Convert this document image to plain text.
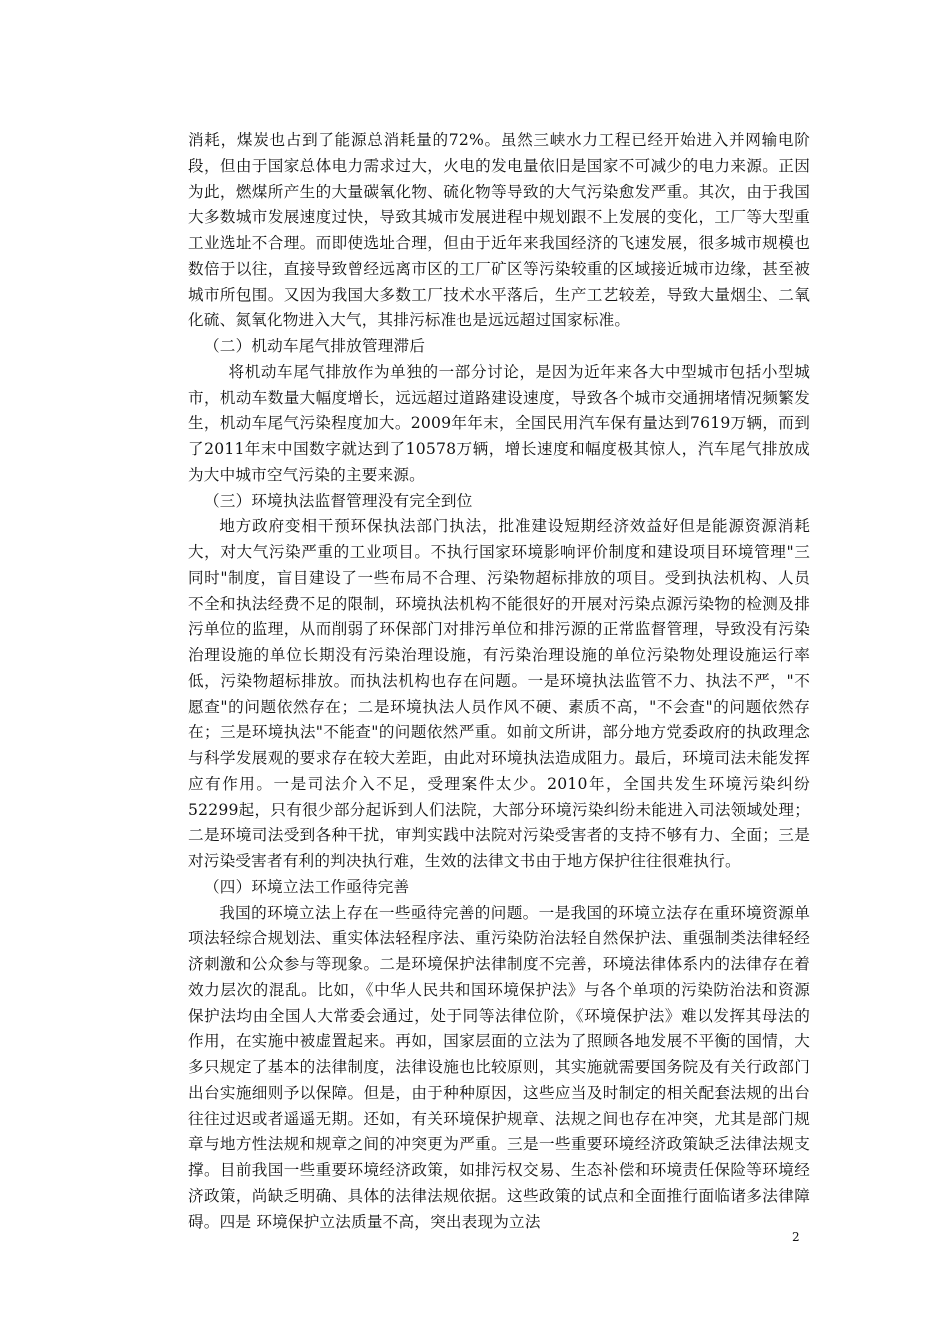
消耗，煤炭也占到了能源总消耗量的72%。虽然三峡水力工程已经开始进入并网输电阶段，但由于国家总体电力需求过大，火电的发电量依旧是国家不可减少的电力来源。正因为此，燃煤所产生的大量碳氧化物、硫化物等导致的大气污染愈发严重。其次，由于我国大多数城市发展速度过快，导致其城市发展进程中规划跟不上发展的变化，工厂等大型重工业选址不合理。而即使选址合理，但由于近年来我国经济的飞速发展，很多城市规模也数倍于以往，直接导致曾经远离市区的工厂矿区等污染较重的区域接近城市边缘，甚至被城市所包围。又因为我国大多数工厂技术水平落后，生产工艺较差，导致大量烟尘、二氧化硫、氮氧化物进入大气，其排污标准也是远远超过国家标准。

（二）机动车尾气排放管理滞后

将机动车尾气排放作为单独的一部分讨论，是因为近年来各大中型城市包括小型城市，机动车数量大幅度增长，远远超过道路建设速度，导致各个城市交通拥堵情况频繁发生，机动车尾气污染程度加大。2009年年末，全国民用汽车保有量达到7619万辆，而到了2011年末中国数字就达到了10578万辆，增长速度和幅度极其惊人，汽车尾气排放成为大中城市空气污染的主要来源。

（三）环境执法监督管理没有完全到位

地方政府变相干预环保执法部门执法，批准建设短期经济效益好但是能源资源消耗大，对大气污染严重的工业项目。不执行国家环境影响评价制度和建设项目环境管理"三同时"制度，盲目建设了一些布局不合理、污染物超标排放的项目。受到执法机构、人员不全和执法经费不足的限制，环境执法机构不能很好的开展对污染点源污染物的检测及排污单位的监理，从而削弱了环保部门对排污单位和排污源的正常监督管理，导致没有污染治理设施的单位长期没有污染治理设施，有污染治理设施的单位污染物处理设施运行率低，污染物超标排放。而执法机构也存在问题。一是环境执法监管不力、执法不严，"不愿查"的问题依然存在；二是环境执法人员作风不硬、素质不高，"不会查"的问题依然存在；三是环境执法"不能查"的问题依然严重。如前文所讲，部分地方党委政府的执政理念与科学发展观的要求存在较大差距，由此对环境执法造成阻力。最后，环境司法未能发挥应有作用。一是司法介入不足，受理案件太少。2010年，全国共发生环境污染纠纷52299起，只有很少部分起诉到人们法院，大部分环境污染纠纷未能进入司法领域处理；二是环境司法受到各种干扰，审判实践中法院对污染受害者的支持不够有力、全面；三是对污染受害者有利的判决执行难，生效的法律文书由于地方保护往往很难执行。

（四）环境立法工作亟待完善

我国的环境立法上存在一些亟待完善的问题。一是我国的环境立法存在重环境资源单项法轻综合规划法、重实体法轻程序法、重污染防治法轻自然保护法、重强制类法律轻经济刺激和公众参与等现象。二是环境保护法律制度不完善，环境法律体系内的法律存在着效力层次的混乱。比如，《中华人民共和国环境保护法》与各个单项的污染防治法和资源保护法均由全国人大常委会通过，处于同等法律位阶，《环境保护法》难以发挥其母法的作用，在实施中被虚置起来。再如，国家层面的立法为了照顾各地发展不平衡的国情，大多只规定了基本的法律制度，法律设施也比较原则，其实施就需要国务院及有关行政部门出台实施细则予以保障。但是，由于种种原因，这些应当及时制定的相关配套法规的出台往往过迟或者遥遥无期。还如，有关环境保护规章、法规之间也存在冲突，尤其是部门规章与地方性法规和规章之间的冲突更为严重。三是一些重要环境经济政策缺乏法律法规支撑。目前我国一些重要环境经济政策，如排污权交易、生态补偿和环境责任保险等环境经济政策，尚缺乏明确、具体的法律法规依据。这些政策的试点和全面推行面临诸多法律障碍。四是 环境保护立法质量不高，突出表现为立法

2
